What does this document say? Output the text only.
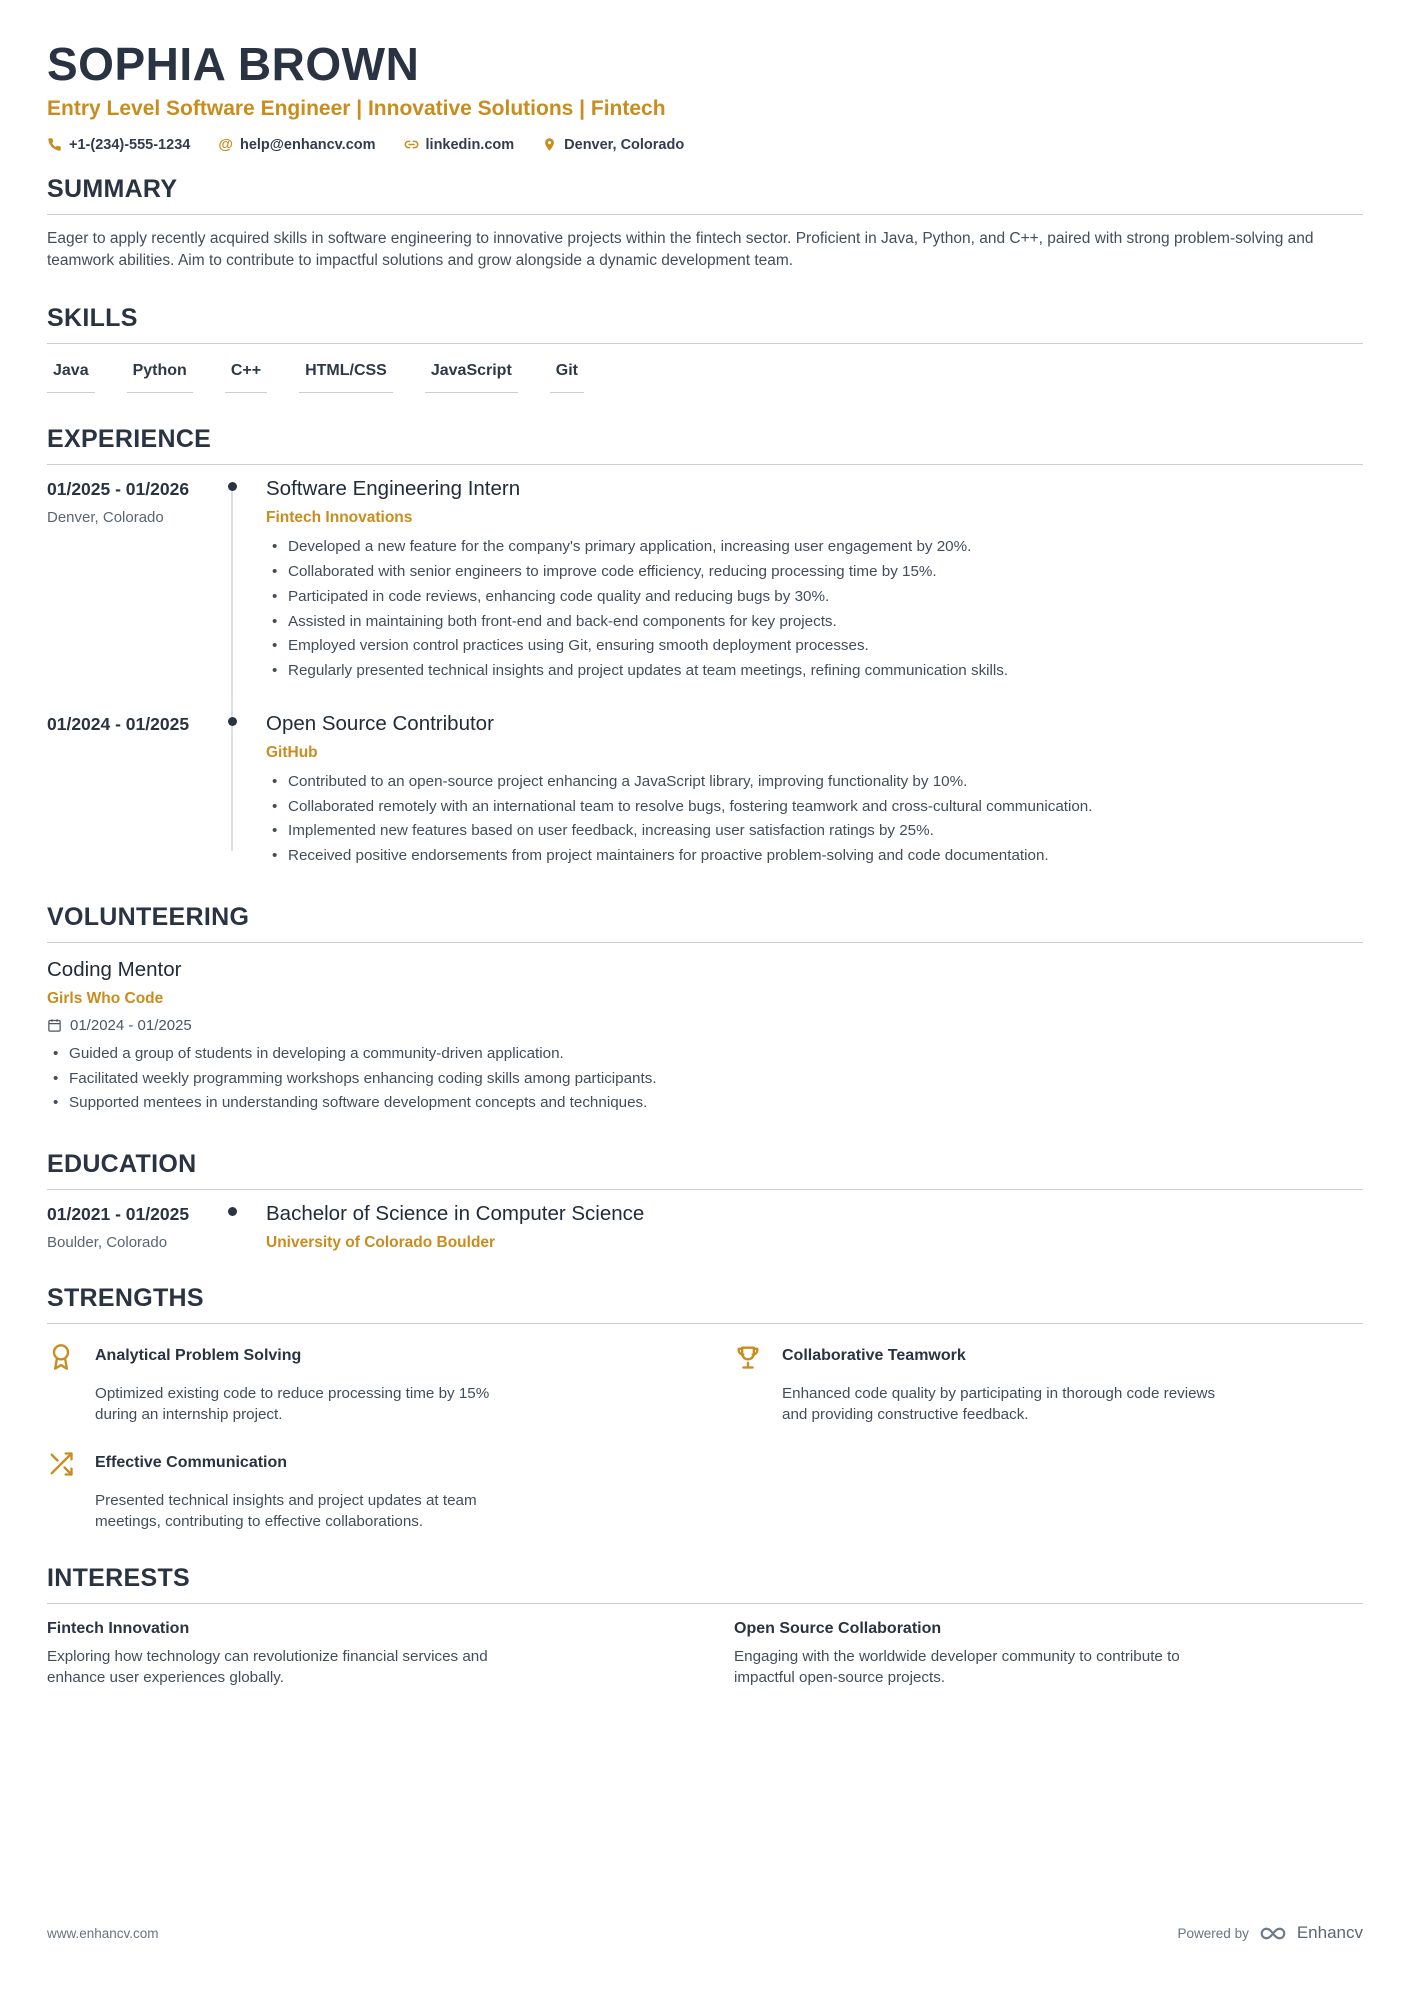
SOPHIA BROWN
Entry Level Software Engineer | Innovative Solutions | Fintech
+1-(234)-555-1234 @ help@enhancv.com	linkedin.com	Denver, Colorado
SUMMARY

Eager to apply recently acquired skills in software engineering to innovative projects within the fintech sector. Proficient in Java, Python, and C++, paired with strong problem-solving and teamwork abilities. Aim to contribute to impactful solutions and grow alongside a dynamic development team.

SKILLS
Java	Python	C++	HTML/CSS	JavaScript	Git
EXPERIENCE
01/2025 - 01/2026
Denver, Colorado
Software Engineering Intern
Fintech Innovations
• Developed a new feature for the company's primary application, increasing user engagement by 20%.
• Collaborated with senior engineers to improve code efficiency, reducing processing time by 15%.
• Participated in code reviews, enhancing code quality and reducing bugs by 30%.
• Assisted in maintaining both front-end and back-end components for key projects.
• Employed version control practices using Git, ensuring smooth deployment processes.
• Regularly presented technical insights and project updates at team meetings, refining communication skills.
01/2024 - 01/2025	Open Source Contributor
GitHub
• Contributed to an open-source project enhancing a JavaScript library, improving functionality by 10%.
• Collaborated remotely with an international team to resolve bugs, fostering teamwork and cross-cultural communication.
• Implemented new features based on user feedback, increasing user satisfaction ratings by 25%.
• Received positive endorsements from project maintainers for proactive problem-solving and code documentation.
VOLUNTEERING
Coding Mentor
Girls Who Code
01/2024 - 01/2025
• Guided a group of students in developing a community-driven application.
• Facilitated weekly programming workshops enhancing coding skills among participants.
• Supported mentees in understanding software development concepts and techniques.
EDUCATION
01/2021 - 01/2025
Boulder, Colorado
Bachelor of Science in Computer Science
University of Colorado Boulder
STRENGTHS
Analytical Problem Solving
Optimized existing code to reduce processing time by 15% during an internship project.
Collaborative Teamwork
Enhanced code quality by participating in thorough code reviews and providing constructive feedback.
Effective Communication
Presented technical insights and project updates at team meetings, contributing to effective collaborations.
INTERESTS
Fintech Innovation
Exploring how technology can revolutionize financial services and enhance user experiences globally.
Open Source Collaboration
Engaging with the worldwide developer community to contribute to impactful open-source projects.
www.enhancv.com	Powered by	Enhancv
